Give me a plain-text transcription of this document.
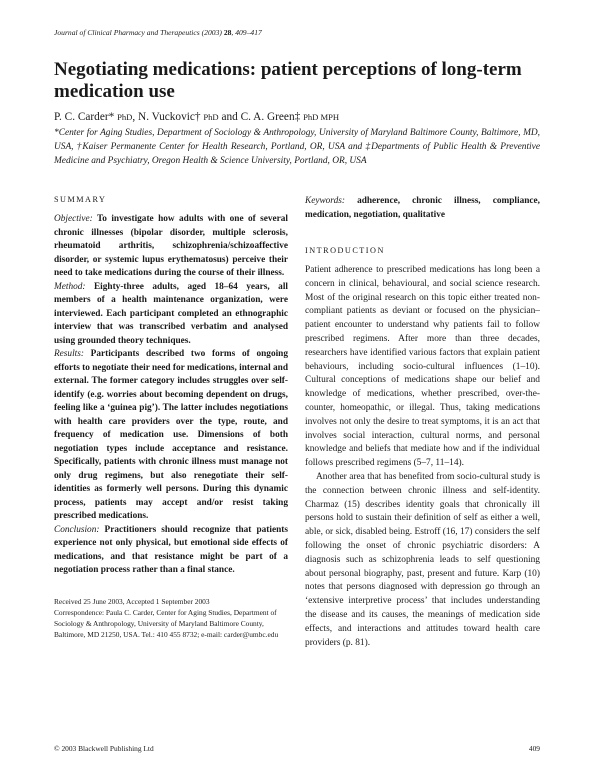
Journal of Clinical Pharmacy and Therapeutics (2003) 28, 409–417
Negotiating medications: patient perceptions of long-term medication use
P. C. Carder* PhD, N. Vuckovic† PhD and C. A. Green‡ PhD MPH
*Center for Aging Studies, Department of Sociology & Anthropology, University of Maryland Baltimore County, Baltimore, MD, USA, †Kaiser Permanente Center for Health Research, Portland, OR, USA and ‡Departments of Public Health & Preventive Medicine and Psychiatry, Oregon Health & Science University, Portland, OR, USA
SUMMARY

Objective: To investigate how adults with one of several chronic illnesses (bipolar disorder, multiple sclerosis, rheumatoid arthritis, schizophrenia/schizoaffective disorder, or systemic lupus erythematosus) perceive their need to take medications during the course of their illness.

Method: Eighty-three adults, aged 18–64 years, all members of a health maintenance organization, were interviewed. Each participant completed an ethnographic interview that was transcribed verbatim and analysed using grounded theory techniques.

Results: Participants described two forms of ongoing efforts to negotiate their need for medications, internal and external. The former category includes struggles over self-identify (e.g. worries about becoming dependent on drugs, feeling like a ‘guinea pig’). The latter includes negotiations with health care providers over the type, route, and frequency of medication use. Dimensions of both negotiation types include acceptance and resistance. Specifically, patients with chronic illness must manage not only drug regimens, but also renegotiate their self-identities as formerly well persons. During this dynamic process, patients may accept and/or resist taking prescribed medications.

Conclusion: Practitioners should recognize that patients experience not only physical, but emotional side effects of medications, and that resistance might be part of a negotiation process rather than a final stance.

Received 25 June 2003, Accepted 1 September 2003

Correspondence: Paula C. Carder, Center for Aging Studies, Department of Sociology & Anthropology, University of Maryland Baltimore County, Baltimore, MD 21250, USA. Tel.: 410 455 8732; e-mail: carder@umbc.edu

Keywords: adherence, chronic illness, compliance, medication, negotiation, qualitative
INTRODUCTION

Patient adherence to prescribed medications has long been a concern in clinical, behavioural, and social science research. Most of the original research on this topic either treated non-compliant patients as deviant or focused on the physician–patient encounter to understand why patients fail to follow prescribed regimens. After more than three decades, researchers have identified various factors that explain patient behaviours, including socio-cultural influences (1–10). Cultural conceptions of medications shape our belief and knowledge of medications, whether prescribed, over-the-counter, homeopathic, or illegal. Thus, taking medications involves not only the desire to treat symptoms, it is an act that involves social interaction, cultural norms, and personal knowledge and beliefs that mediate how and if the individual follows prescribed regimens (5–7, 11–14).

Another area that has benefited from socio-cultural study is the connection between chronic illness and self-identity. Charmaz (15) describes identity goals that chronically ill persons hold to sustain their definition of self as either a well, able, or sick, disabled being. Estroff (16, 17) considers the self following the onset of chronic psychiatric disorders: A diagnosis such as schizophrenia leads to self questioning about personal biography, past, present and future. Karp (10) notes that persons diagnosed with depression go through an ‘extensive interpretive process’ that includes understanding the disease and its causes, the meanings of medication side effects, and interactions and attitudes toward health care providers (p. 81).

© 2003 Blackwell Publishing Ltd	409
